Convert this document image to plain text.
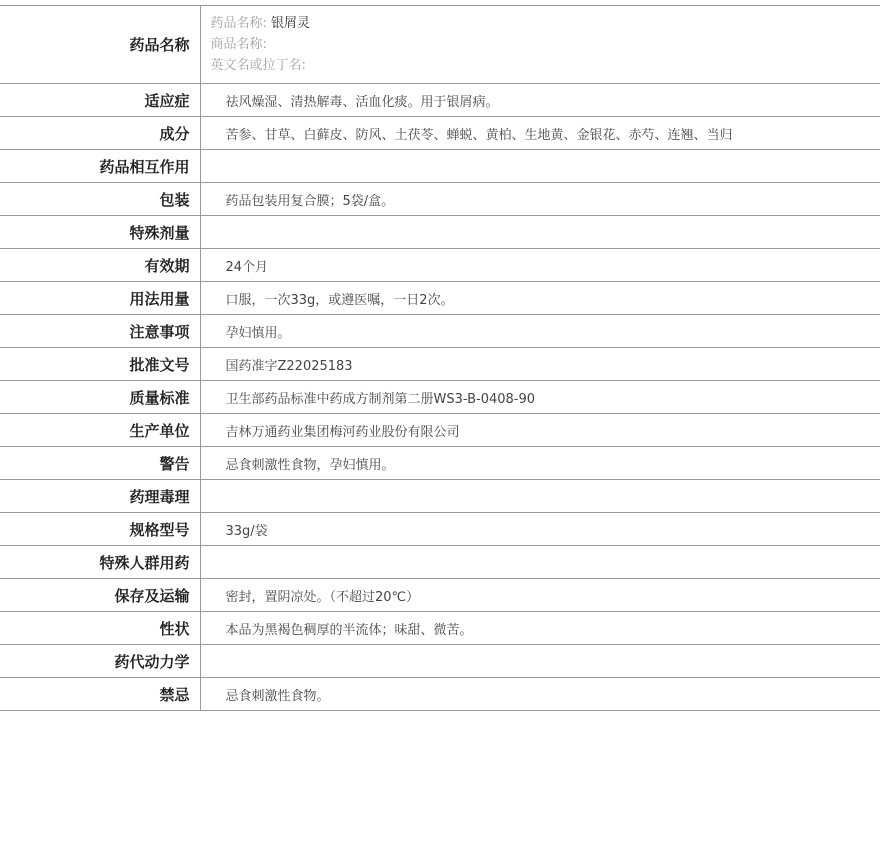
药品名称	药品名称: 银屑灵
商品名称:
英文名或拉丁名:

适应症	祛风燥湿、清热解毒、活血化痰。用于银屑病。
成分	苦参、甘草、白藓皮、防风、土茯苓、蝉蜕、黄柏、生地黄、金银花、赤芍、连翘、当归
药品相互作用	
包装	药品包装用复合膜；5袋/盒。
特殊剂量	
有效期	24个月
用法用量	口服，一次33g，或遵医嘱，一日2次。
注意事项	孕妇慎用。
批准文号	国药准字Z22025183
质量标准	卫生部药品标准中药成方制剂第二册WS3-B-0408-90
生产单位	吉林万通药业集团梅河药业股份有限公司
警告	忌食刺激性食物，孕妇慎用。
药理毒理	
规格型号	33g/袋
特殊人群用药	
保存及运输	密封，置阴凉处。（不超过20℃）
性状	本品为黑褐色稠厚的半流体；味甜、微苦。
药代动力学	
禁忌	忌食刺激性食物。
